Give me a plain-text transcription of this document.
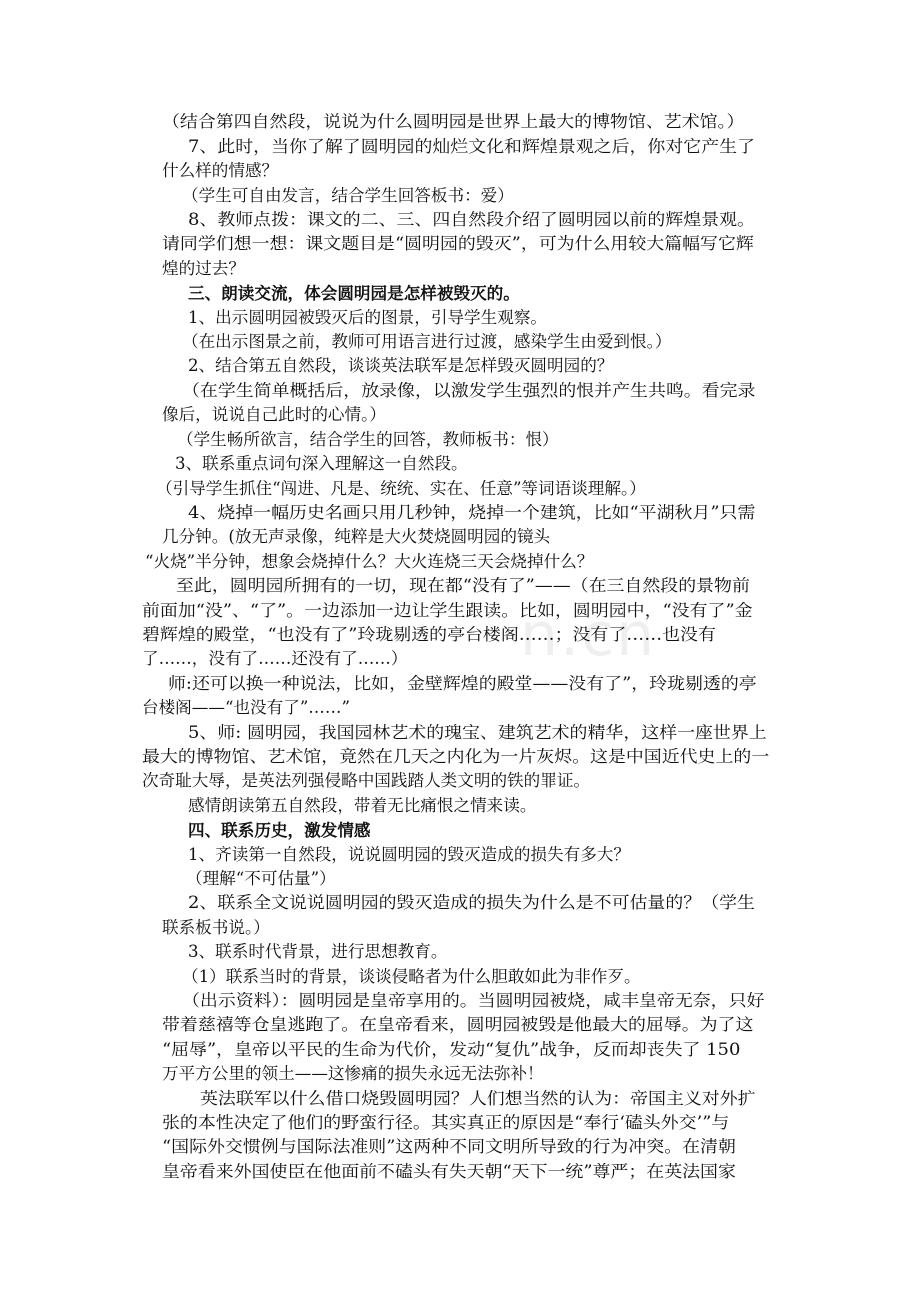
n.cn

（结合第四自然段，说说为什么圆明园是世界上最大的博物馆、艺术馆。）

7、此时，当你了解了圆明园的灿烂文化和辉煌景观之后，你对它产生了

什么样的情感？

（学生可自由发言，结合学生回答板书：爱）

8、教师点拨：课文的二、三、四自然段介绍了圆明园以前的辉煌景观。

请同学们想一想：课文题目是“圆明园的毁灭”，可为什么用较大篇幅写它辉

煌的过去？

三、朗读交流，体会圆明园是怎样被毁灭的。

1、出示圆明园被毁灭后的图景，引导学生观察。

（在出示图景之前，教师可用语言进行过渡，感染学生由爱到恨。）

2、结合第五自然段，谈谈英法联军是怎样毁灭圆明园的？

（在学生简单概括后，放录像，以激发学生强烈的恨并产生共鸣。看完录

像后，说说自己此时的心情。）

（学生畅所欲言，结合学生的回答，教师板书：恨）

3、联系重点词句深入理解这一自然段。

（引导学生抓住“闯进、凡是、统统、实在、任意”等词语谈理解。）

4、烧掉一幅历史名画只用几秒钟，烧掉一个建筑，比如“平湖秋月”只需

几分钟。(放无声录像，纯粹是大火焚烧圆明园的镜头

“火烧”半分钟，想象会烧掉什么？大火连烧三天会烧掉什么？

至此，圆明园所拥有的一切，现在都“没有了”——（在三自然段的景物前

前面加“没”、“了”。一边添加一边让学生跟读。比如，圆明园中，“没有了”金

碧辉煌的殿堂，“也没有了”玲珑剔透的亭台楼阁……；没有了……也没有

了……，没有了……还没有了……）

师:还可以换一种说法，比如，金壁辉煌的殿堂——没有了”，玲珑剔透的亭

台楼阁——“也没有了”……”

5、师: 圆明园，我国园林艺术的瑰宝、建筑艺术的精华，这样一座世界上

最大的博物馆、艺术馆，竟然在几天之内化为一片灰烬。这是中国近代史上的一

次奇耻大辱，是英法列强侵略中国践踏人类文明的铁的罪证。

感情朗读第五自然段，带着无比痛恨之情来读。

四、联系历史，激发情感

1、齐读第一自然段，说说圆明园的毁灭造成的损失有多大？

（理解“不可估量”）

2、联系全文说说圆明园的毁灭造成的损失为什么是不可估量的？（学生

联系板书说。）

3、联系时代背景，进行思想教育。

（1）联系当时的背景，谈谈侵略者为什么胆敢如此为非作歹。

（出示资料）：圆明园是皇帝享用的。当圆明园被烧，咸丰皇帝无奈，只好

带着慈禧等仓皇逃跑了。在皇帝看来，圆明园被毁是他最大的屈辱。为了这

“屈辱”，皇帝以平民的生命为代价，发动“复仇”战争，反而却丧失了 150

万平方公里的领土——这惨痛的损失永远无法弥补！

英法联军以什么借口烧毁圆明园？人们想当然的认为：帝国主义对外扩

张的本性决定了他们的野蛮行径。其实真正的原因是“奉行‘磕头外交’”与

“国际外交惯例与国际法准则”这两种不同文明所导致的行为冲突。在清朝

皇帝看来外国使臣在他面前不磕头有失天朝“天下一统”尊严；在英法国家
